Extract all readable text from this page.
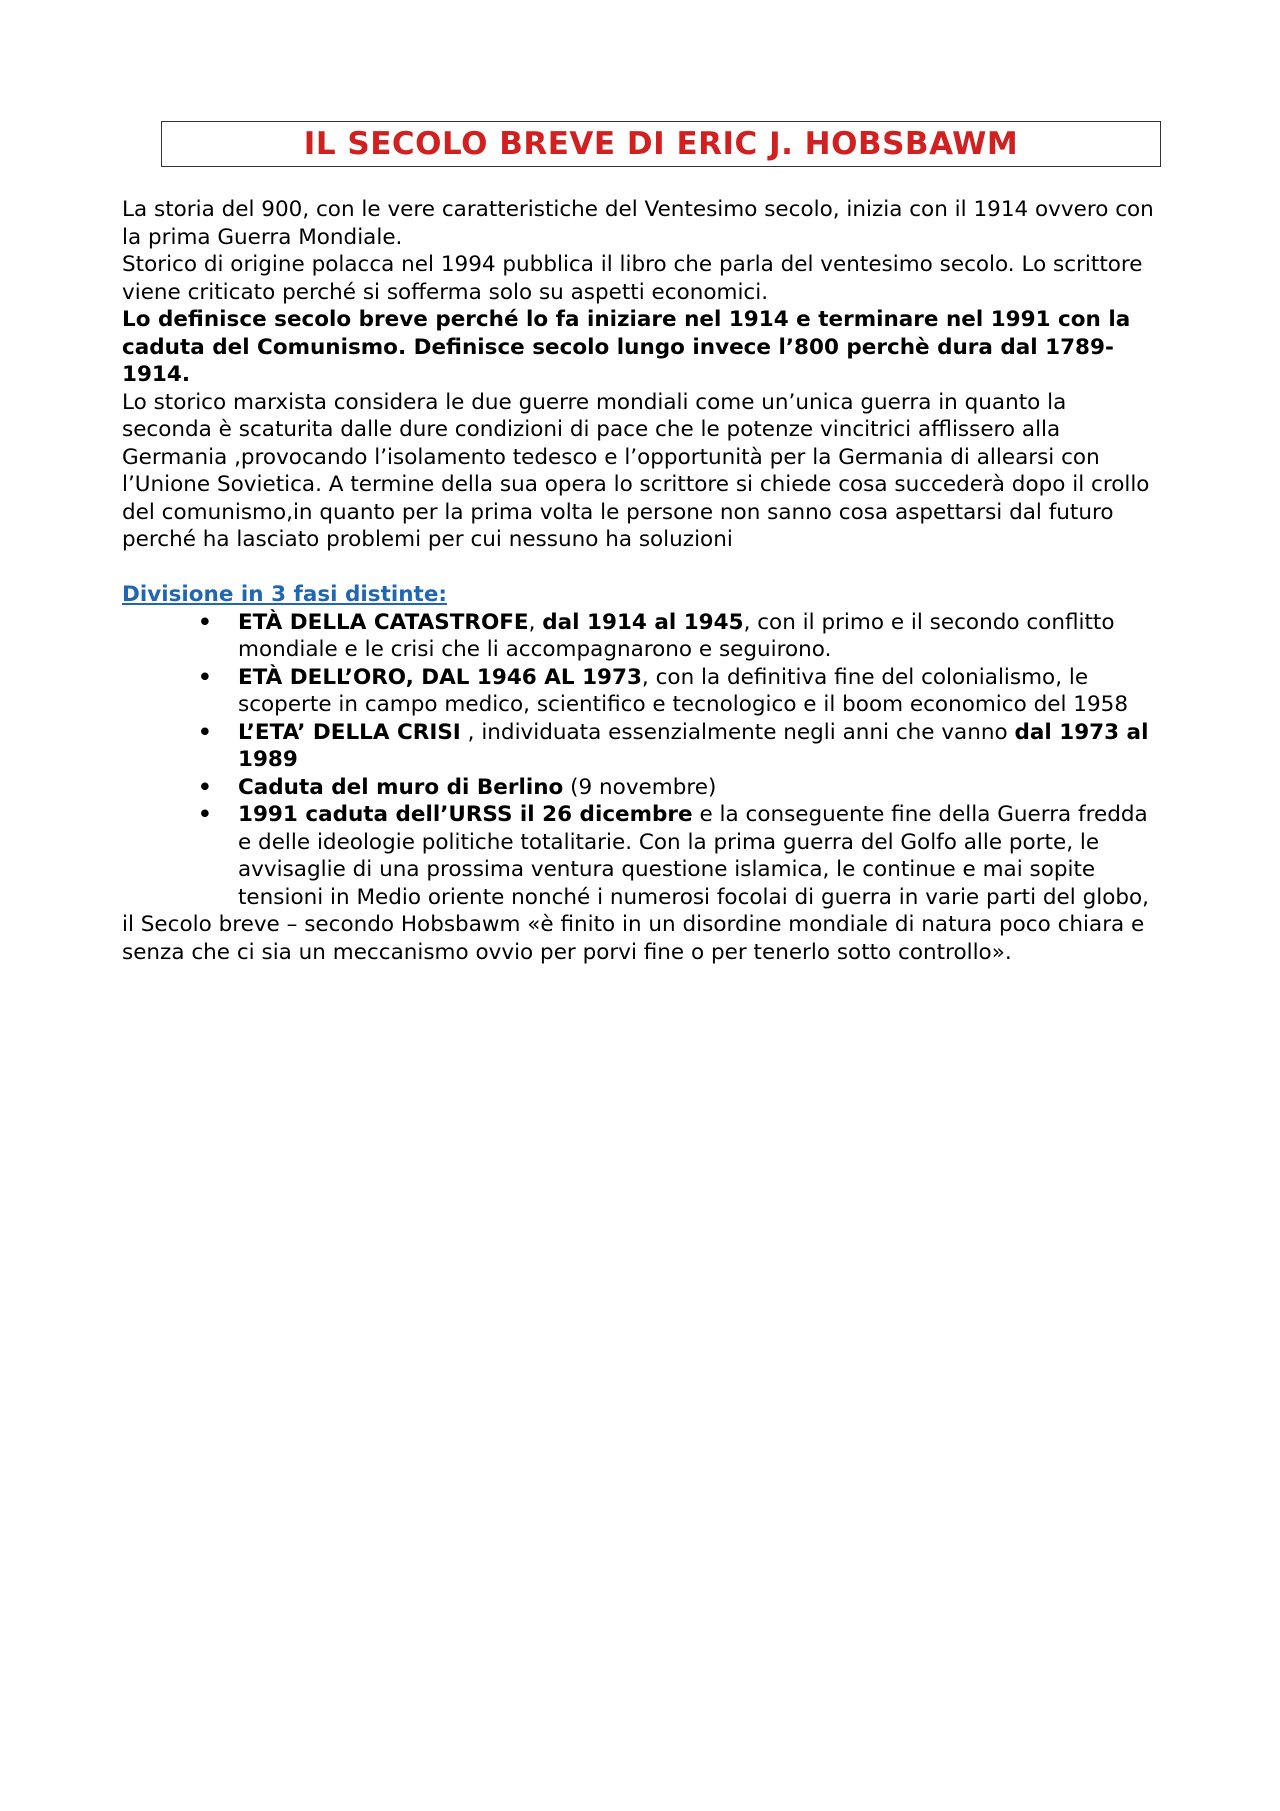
IL SECOLO BREVE DI ERIC J. HOBSBAWM

La storia del 900, con le vere caratteristiche del Ventesimo secolo, inizia con il 1914 ovvero con la prima Guerra Mondiale.

Storico di origine polacca nel 1994 pubblica il libro che parla del ventesimo secolo. Lo scrittore viene criticato perché si sofferma solo su aspetti economici.

Lo definisce secolo breve perché lo fa iniziare nel 1914 e terminare nel 1991 con la caduta del Comunismo. Definisce secolo lungo invece l’800 perchè dura dal 1789-1914.

Lo storico marxista considera le due guerre mondiali come un’unica guerra in quanto la seconda è scaturita dalle dure condizioni di pace che le potenze vincitrici afflissero alla Germania ,provocando l’isolamento tedesco e l’opportunità per la Germania di allearsi con l’Unione Sovietica. A termine della sua opera lo scrittore si chiede cosa succederà dopo il crollo del comunismo,in quanto per la prima volta le persone non sanno cosa aspettarsi dal futuro perché ha lasciato problemi per cui nessuno ha soluzioni

Divisione in 3 fasi distinte:

• ETÀ DELLA CATASTROFE, dal 1914 al 1945, con il primo e il secondo conflitto mondiale e le crisi che li accompagnarono e seguirono.
• ETÀ DELL’ORO, DAL 1946 AL 1973, con la definitiva fine del colonialismo, le scoperte in campo medico, scientifico e tecnologico e il boom economico del 1958
• L’ETA’ DELLA CRISI , individuata essenzialmente negli anni che vanno dal 1973 al 1989
• Caduta del muro di Berlino (9 novembre)
• 1991 caduta dell’URSS il 26 dicembre e la conseguente fine della Guerra fredda e delle ideologie politiche totalitarie. Con la prima guerra del Golfo alle porte, le avvisaglie di una prossima ventura questione islamica, le continue e mai sopite tensioni in Medio oriente nonché i numerosi focolai di guerra in varie parti del globo,

il Secolo breve – secondo Hobsbawm «è finito in un disordine mondiale di natura poco chiara e senza che ci sia un meccanismo ovvio per porvi fine o per tenerlo sotto controllo».
